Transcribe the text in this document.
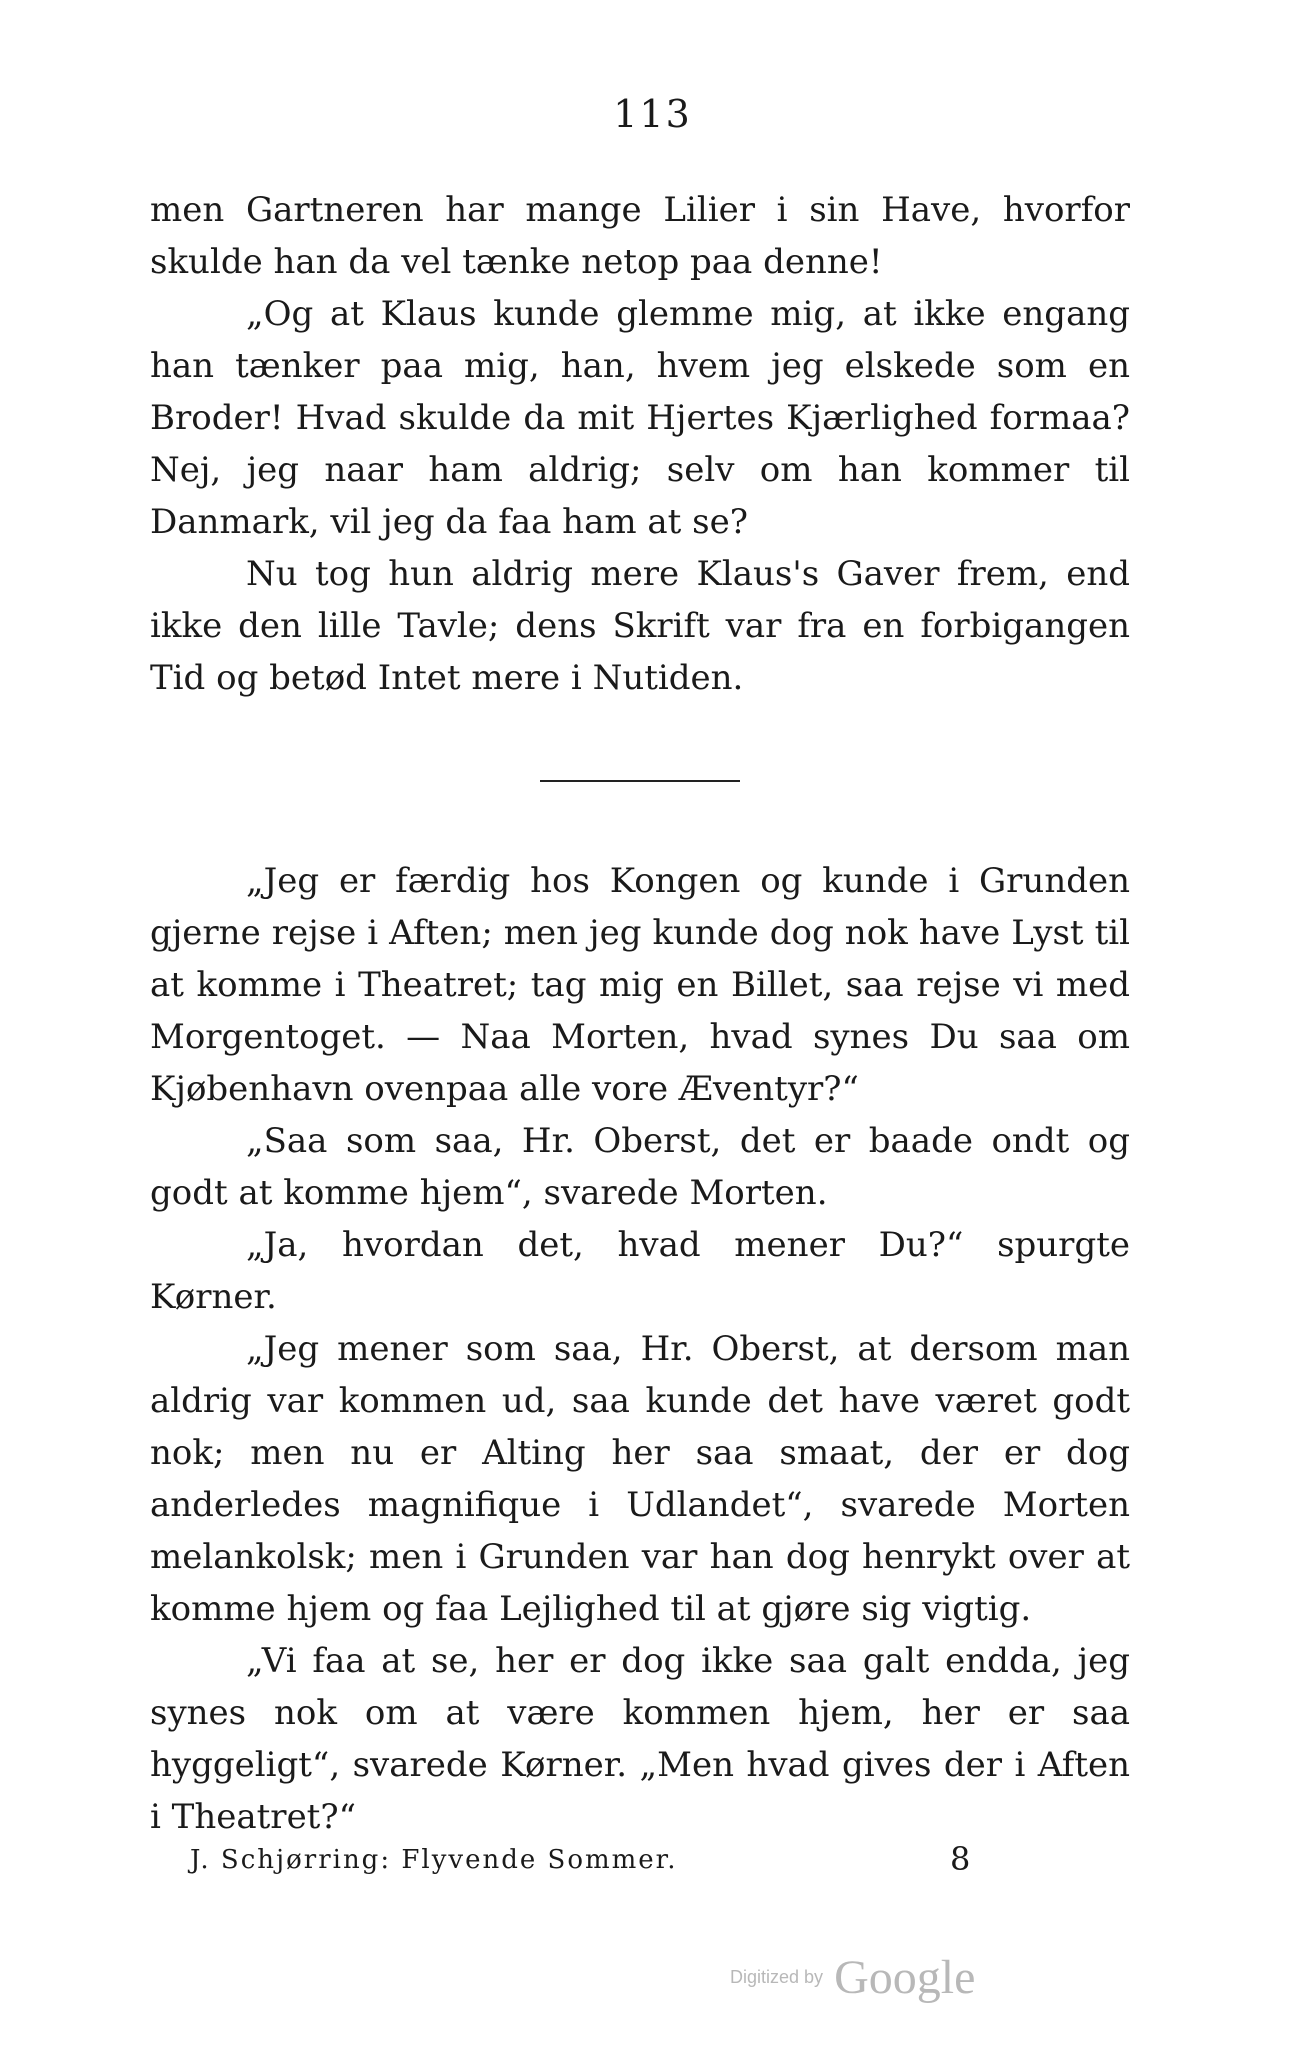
113

men Gartneren har mange Lilier i sin Have, hvorfor skulde han da vel tænke netop paa denne!

„Og at Klaus kunde glemme mig, at ikke engang han tænker paa mig, han, hvem jeg elskede som en Broder! Hvad skulde da mit Hjertes Kjærlighed formaa? Nej, jeg naar ham aldrig; selv om han kommer til Danmark, vil jeg da faa ham at se?

Nu tog hun aldrig mere Klaus's Gaver frem, end ikke den lille Tavle; dens Skrift var fra en forbigangen Tid og betød Intet mere i Nutiden.

„Jeg er færdig hos Kongen og kunde i Grunden gjerne rejse i Aften; men jeg kunde dog nok have Lyst til at komme i Theatret; tag mig en Billet, saa rejse vi med Morgentoget. — Naa Morten, hvad synes Du saa om Kjøbenhavn ovenpaa alle vore Æventyr?“

„Saa som saa, Hr. Oberst, det er baade ondt og godt at komme hjem“, svarede Morten.

„Ja, hvordan det, hvad mener Du?“ spurgte Kørner.

„Jeg mener som saa, Hr. Oberst, at dersom man aldrig var kommen ud, saa kunde det have været godt nok; men nu er Alting her saa smaat, der er dog anderledes magnifique i Udlandet“, svarede Morten melankolsk; men i Grunden var han dog henrykt over at komme hjem og faa Lejlighed til at gjøre sig vigtig.

„Vi faa at se, her er dog ikke saa galt endda, jeg synes nok om at være kommen hjem, her er saa hyggeligt“, svarede Kørner. „Men hvad gives der i Aften i Theatret?“

J. Schjørring: Flyvende Sommer.	8
Digitized by Google
